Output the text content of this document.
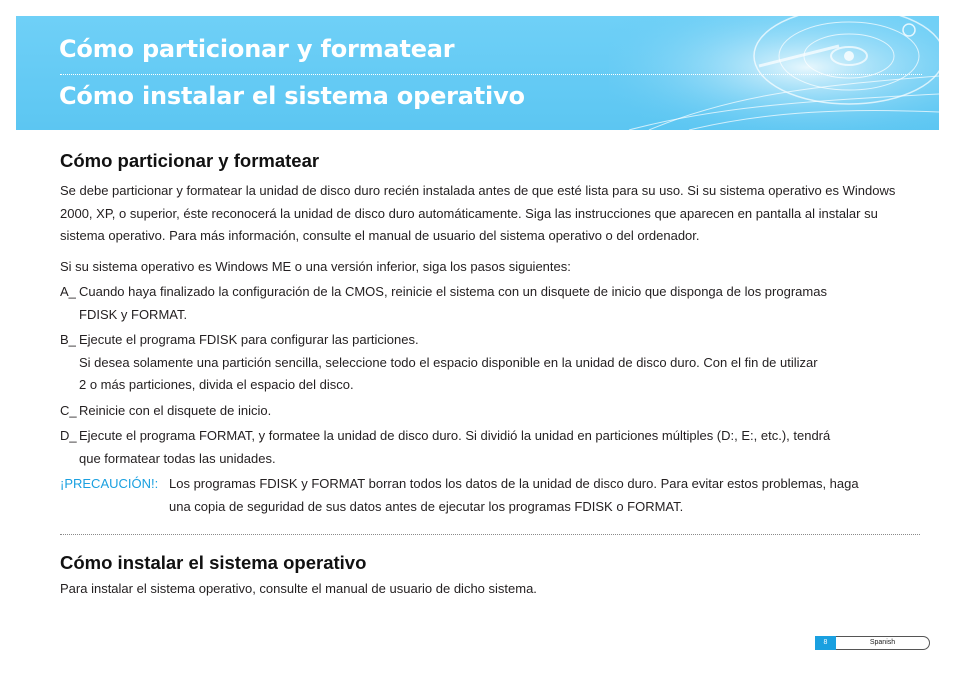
Cómo particionar y formatear
Cómo instalar el sistema operativo
Cómo particionar y formatear

Se debe particionar y formatear la unidad de disco duro recién instalada antes de que esté lista para su uso. Si su sistema operativo es Windows 2000, XP, o superior, éste reconocerá la unidad de disco duro automáticamente. Siga las instrucciones que aparecen en pantalla al instalar su sistema operativo. Para más información, consulte el manual de usuario del sistema operativo o del ordenador.

Si su sistema operativo es Windows ME o una versión inferior, siga los pasos siguientes:

A_ Cuando haya finalizado la configuración de la CMOS, reinicie el sistema con un disquete de inicio que disponga de los programas
FDISK y FORMAT.
B_ Ejecute el programa FDISK para configurar las particiones.
Si desea solamente una partición sencilla, seleccione todo el espacio disponible en la unidad de disco duro. Con el fin de utilizar
2 o más particiones, divida el espacio del disco.
C_ Reinicie con el disquete de inicio.
D_ Ejecute el programa FORMAT, y formatee la unidad de disco duro. Si dividió la unidad en particiones múltiples (D:, E:, etc.), tendrá
que formatear todas las unidades.
¡PRECAUCIÓN!: Los programas FDISK y FORMAT borran todos los datos de la unidad de disco duro. Para evitar estos problemas, haga
una copia de seguridad de sus datos antes de ejecutar los programas FDISK o FORMAT.
Cómo instalar el sistema operativo

Para instalar el sistema operativo, consulte el manual de usuario de dicho sistema.

8	Spanish
